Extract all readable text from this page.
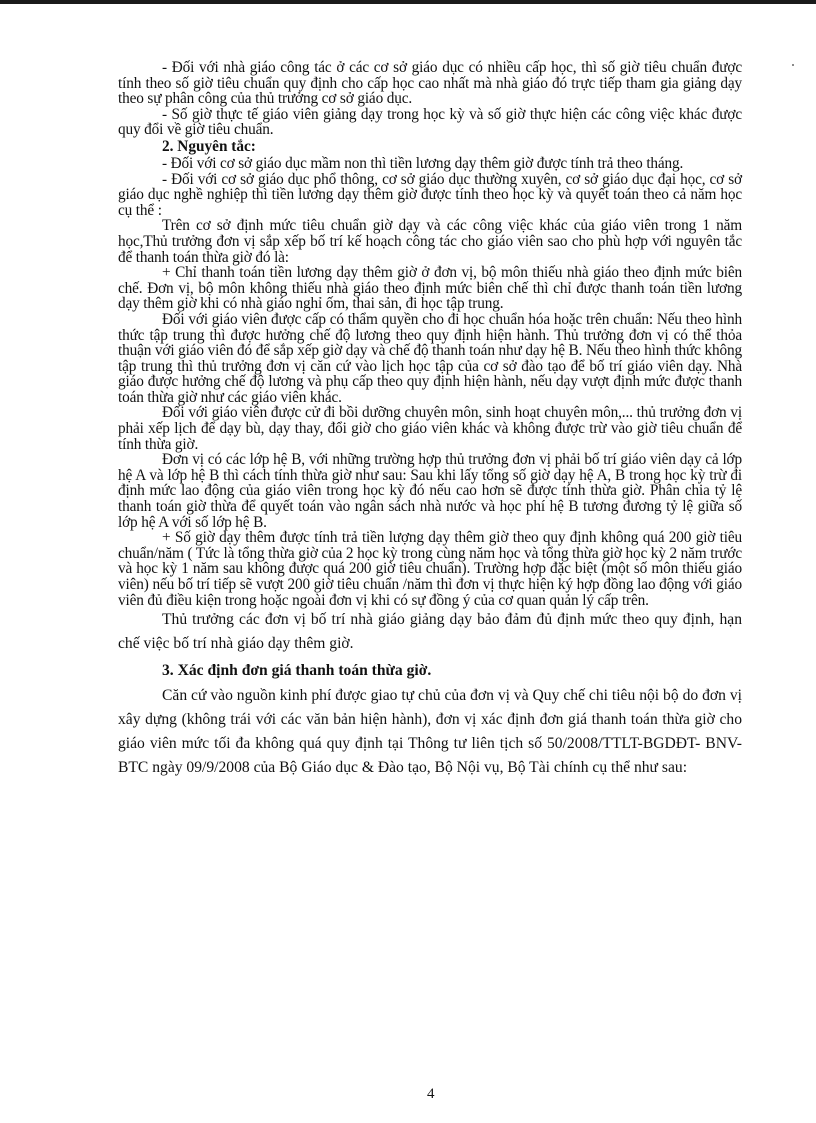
- Đối với nhà giáo công tác ở các cơ sở giáo dục có nhiều cấp học, thì số giờ tiêu chuẩn được tính theo số giờ tiêu chuẩn quy định cho cấp học cao nhất mà nhà giáo đó trực tiếp tham gia giảng dạy theo sự phân công của thủ trưởng cơ sở giáo dục.

- Số giờ thực tế giáo viên giảng dạy trong học kỳ và số giờ thực hiện các công việc khác được quy đổi về giờ tiêu chuẩn.

2. Nguyên tắc:

- Đối với cơ sở giáo dục mầm non thì tiền lương dạy thêm giờ được tính trả theo tháng.

- Đối với cơ sở giáo dục phổ thông, cơ sở giáo dục thường xuyên, cơ sở giáo dục đại học, cơ sở giáo dục nghề nghiệp thì tiền lương dạy thêm giờ được tính theo học kỳ và quyết toán theo cả năm học cụ thể :

Trên cơ sở định mức tiêu chuẩn giờ dạy và các công việc khác của giáo viên trong 1 năm học,Thủ trưởng đơn vị sắp xếp bố trí kế hoạch công tác cho giáo viên sao cho phù hợp với nguyên tắc để thanh toán thừa giờ đó là:

+ Chỉ thanh toán tiền lương dạy thêm giờ ở đơn vị, bộ môn thiếu nhà giáo theo định mức biên chế. Đơn vị, bộ môn không thiếu nhà giáo theo định mức biên chế thì chỉ được thanh toán tiền lương dạy thêm giờ khi có nhà giáo nghỉ ốm, thai sản, đi học tập trung.

Đối với giáo viên được cấp có thẩm quyền cho đi học chuẩn hóa hoặc trên chuẩn: Nếu theo hình thức tập trung thì được hưởng chế độ lương theo quy định hiện hành. Thủ trưởng đơn vị có thể thỏa thuận với giáo viên đó để sắp xếp giờ dạy và chế độ thanh toán như dạy hệ B. Nếu theo hình thức không tập trung thì thủ trưởng đơn vị căn cứ vào lịch học tập của cơ sở đào tạo để bố trí giáo viên dạy. Nhà giáo được hưởng chế độ lương và phụ cấp theo quy định hiện hành, nếu dạy vượt định mức được thanh toán thừa giờ như các giáo viên khác.

Đối với giáo viên được cử đi bồi dưỡng chuyên môn, sinh hoạt chuyên môn,... thủ trưởng đơn vị phải xếp lịch để dạy bù, dạy thay, đổi giờ cho giáo viên khác và không được trừ vào giờ tiêu chuẩn để tính thừa giờ.

Đơn vị có các lớp hệ B, với những trường hợp thủ trưởng đơn vị phải bố trí giáo viên dạy cả lớp hệ A và lớp hệ B thì cách tính thừa giờ như sau: Sau khi lấy tổng số giờ dạy hệ A, B trong học kỳ trừ đi định mức lao động của giáo viên trong học kỳ đó nếu cao hơn sẽ được tính thừa giờ. Phân chia tỷ lệ thanh toán giờ thừa để quyết toán vào ngân sách nhà nước và học phí hệ B tương đương tỷ lệ giữa số lớp hệ A với số lớp hệ B.

+ Số giờ dạy thêm được tính trả tiền lượng dạy thêm giờ theo quy định không quá 200 giờ tiêu chuẩn/năm ( Tức là tổng thừa giờ của 2 học kỳ trong cùng năm học và tổng thừa giờ học kỳ 2 năm trước và học kỳ 1 năm sau không được quá 200 giờ tiêu chuẩn). Trường hợp đặc biệt (một số môn thiếu giáo viên) nếu bố trí tiếp sẽ vượt 200 giờ tiêu chuẩn /năm thì đơn vị thực hiện ký hợp đồng lao động với giáo viên đủ điều kiện trong hoặc ngoài đơn vị khi có sự đồng ý của cơ quan quản lý cấp trên.

Thủ trưởng các đơn vị bố trí nhà giáo giảng dạy bảo đảm đủ định mức theo quy định, hạn chế việc bố trí nhà giáo dạy thêm giờ.

3. Xác định đơn giá thanh toán thừa giờ.

Căn cứ vào nguồn kinh phí được giao tự chủ của đơn vị và Quy chế chi tiêu nội bộ do đơn vị xây dựng (không trái với các văn bản hiện hành), đơn vị xác định đơn giá thanh toán thừa giờ cho giáo viên mức tối đa không quá quy định tại Thông tư liên tịch số 50/2008/TTLT-BGDĐT- BNV- BTC ngày 09/9/2008 của Bộ Giáo dục & Đào tạo, Bộ Nội vụ, Bộ Tài chính cụ thể như sau:

4
